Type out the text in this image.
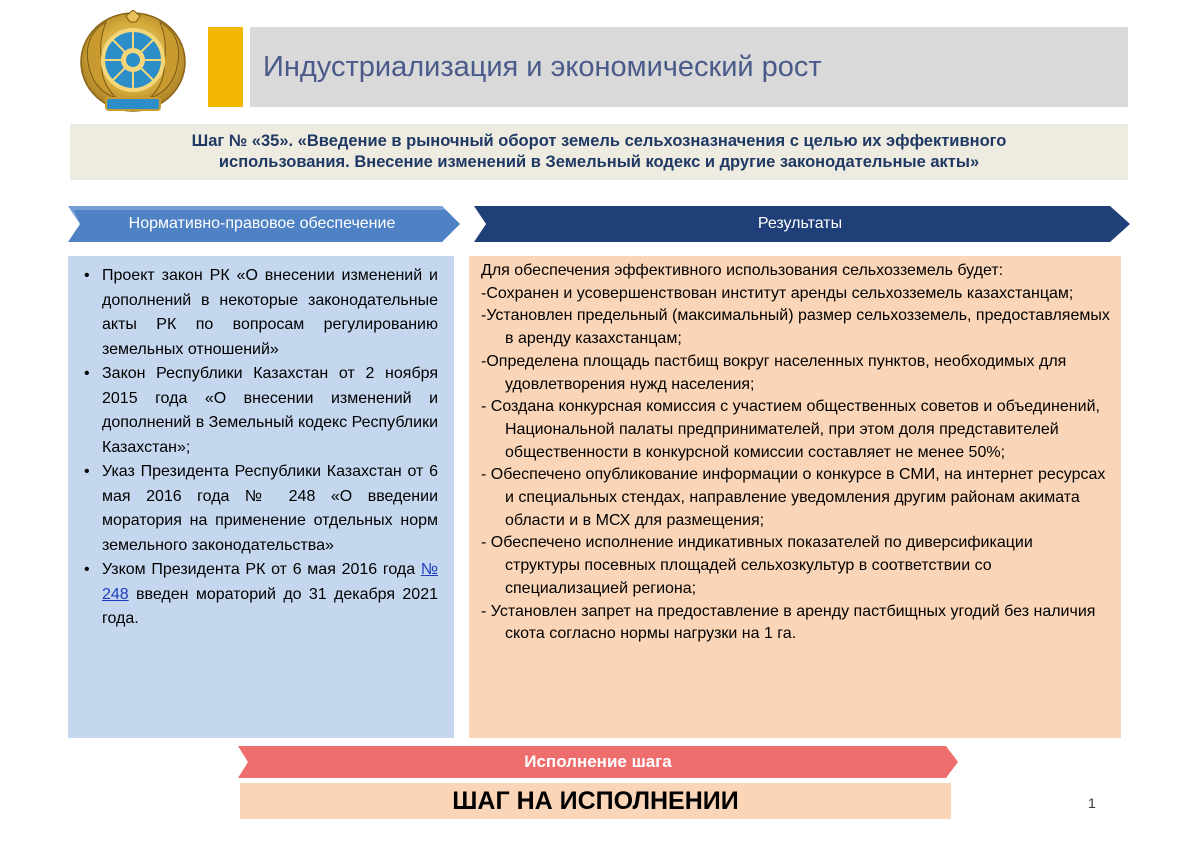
Индустриализация и экономический рост
Шаг № «35». «Введение в рыночный оборот земель сельхозназначения с целью их эффективного
использования. Внесение изменений в Земельный кодекс и другие законодательные акты»
Нормативно-правовое обеспечение	Результаты
• Проект закон РК «О внесении изменений и дополнений в некоторые законодательные акты РК по вопросам регулированию земельных отношений»
• Закон Республики Казахстан от 2 ноября 2015 года «О внесении изменений и дополнений в Земельный кодекс Республики Казахстан»;
• Указ Президента Республики Казахстан от 6 мая 2016 года № 248 «О введении моратория на применение отдельных норм земельного законодательства»
• Узком Президента РК от 6 мая 2016 года № 248 введен мораторий до 31 декабря 2021 года.

Для обеспечения эффективного использования сельхозземель будет:

-Сохранен и усовершенствован институт аренды сельхозземель казахстанцам;

-Установлен предельный (максимальный) размер сельхозземель, предоставляемых в аренду казахстанцам;

-Определена площадь пастбищ вокруг населенных пунктов, необходимых для удовлетворения нужд населения;

- Создана конкурсная комиссия с участием общественных советов и объединений, Национальной палаты предпринимателей, при этом доля представителей общественности в конкурсной комиссии составляет не менее 50%;

- Обеспечено опубликование информации о конкурсе в СМИ, на интернет ресурсах и специальных стендах, направление уведомления другим районам акимата области и в МСХ для размещения;

- Обеспечено исполнение индикативных показателей по диверсификации структуры посевных площадей сельхозкультур в соответствии со специализацией региона;

- Установлен запрет на предоставление в аренду пастбищных угодий без наличия скота согласно нормы нагрузки на 1 га.

Исполнение шага
ШАГ НА ИСПОЛНЕНИИ	1
